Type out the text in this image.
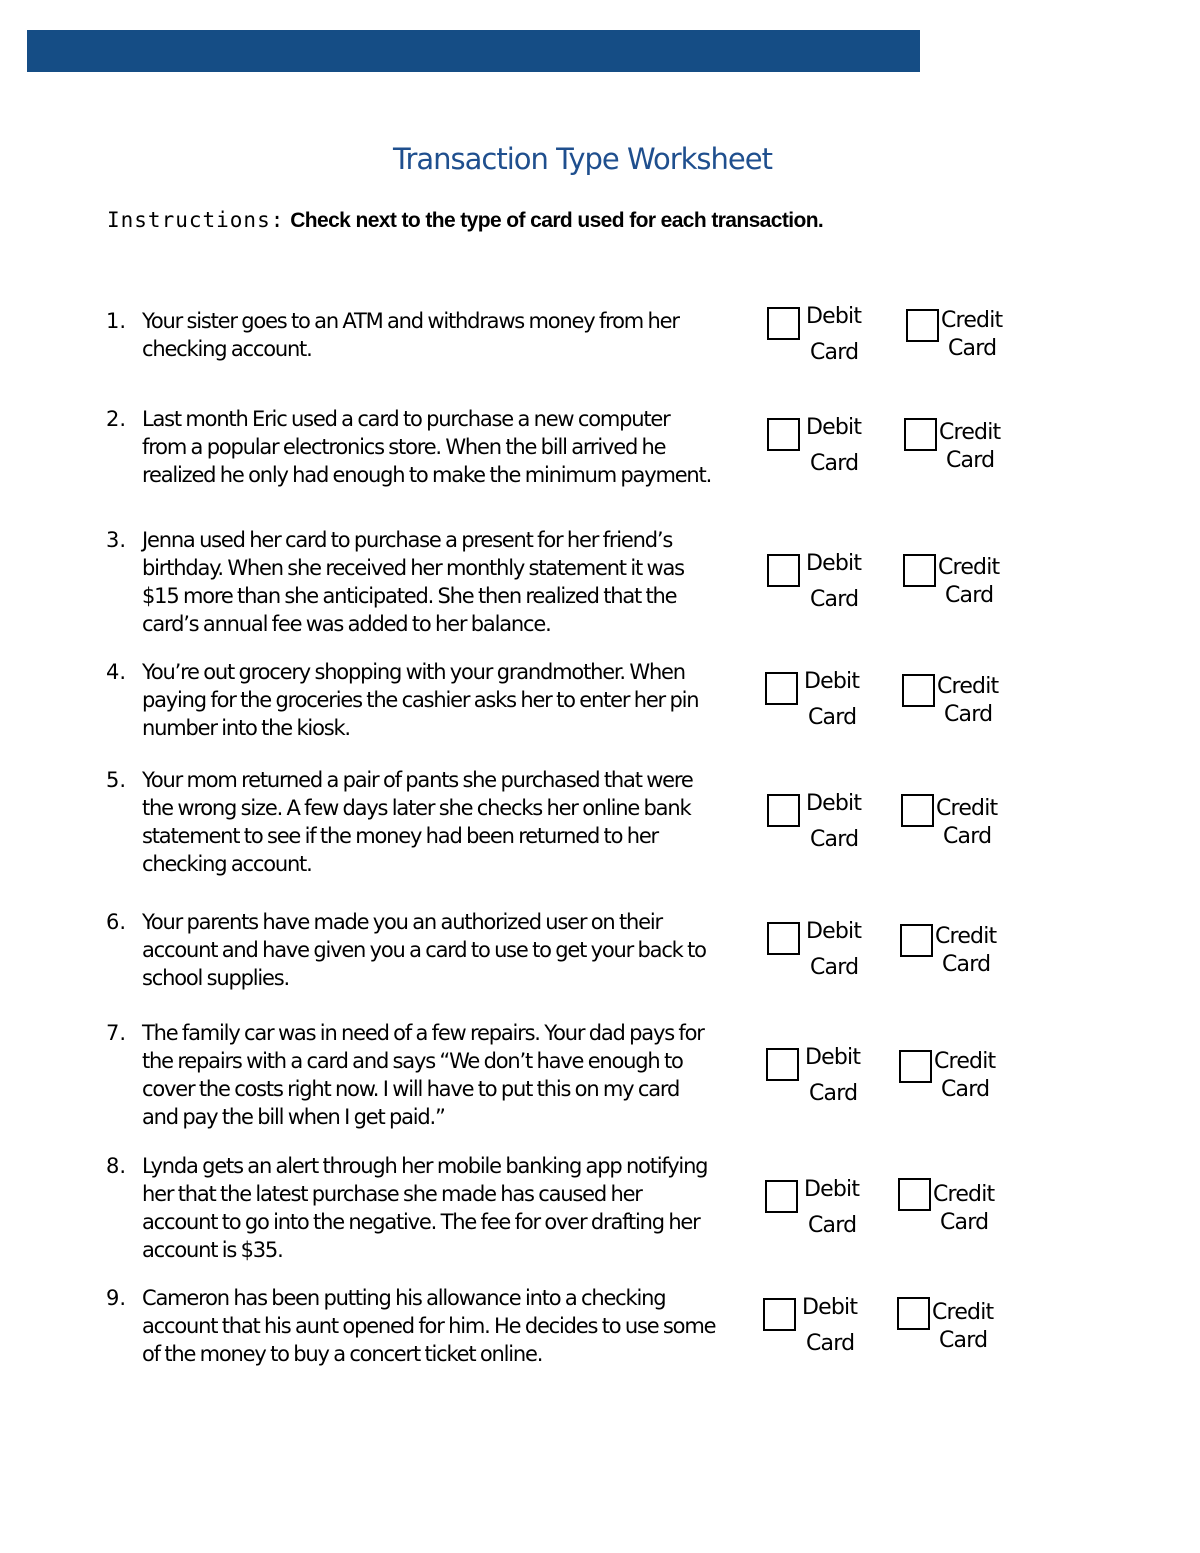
Transaction Type Worksheet
Instructions: Check next to the type of card used for each transaction.
1. Your sister goes to an ATM and withdraws money from her
checking account.
2. Last month Eric used a card to purchase a new computer
from a popular electronics store. When the bill arrived he
realized he only had enough to make the minimum payment.
3. Jenna used her card to purchase a present for her friend’s
birthday. When she received her monthly statement it was
$15 more than she anticipated. She then realized that the
card’s annual fee was added to her balance.
4. You’re out grocery shopping with your grandmother. When
paying for the groceries the cashier asks her to enter her pin
number into the kiosk.
5. Your mom returned a pair of pants she purchased that were
the wrong size. A few days later she checks her online bank
statement to see if the money had been returned to her
checking account.
6. Your parents have made you an authorized user on their
account and have given you a card to use to get your back to
school supplies.
7. The family car was in need of a few repairs. Your dad pays for
the repairs with a card and says “We don’t have enough to
cover the costs right now. I will have to put this on my card
and pay the bill when I get paid.”
8. Lynda gets an alert through her mobile banking app notifying
her that the latest purchase she made has caused her
account to go into the negative. The fee for over drafting her
account is $35.
9. Cameron has been putting his allowance into a checking
account that his aunt opened for him. He decides to use some
of the money to buy a concert ticket online.
Debit
Card
Credit
Card
Debit
Card
Credit
Card
Debit
Card
Credit
Card
Debit
Card
Credit
Card
Debit
Card
Credit
Card
Debit
Card
Credit
Card
Debit
Card
Credit
Card
Debit
Card
Credit
Card
Debit
Card
Credit
Card
